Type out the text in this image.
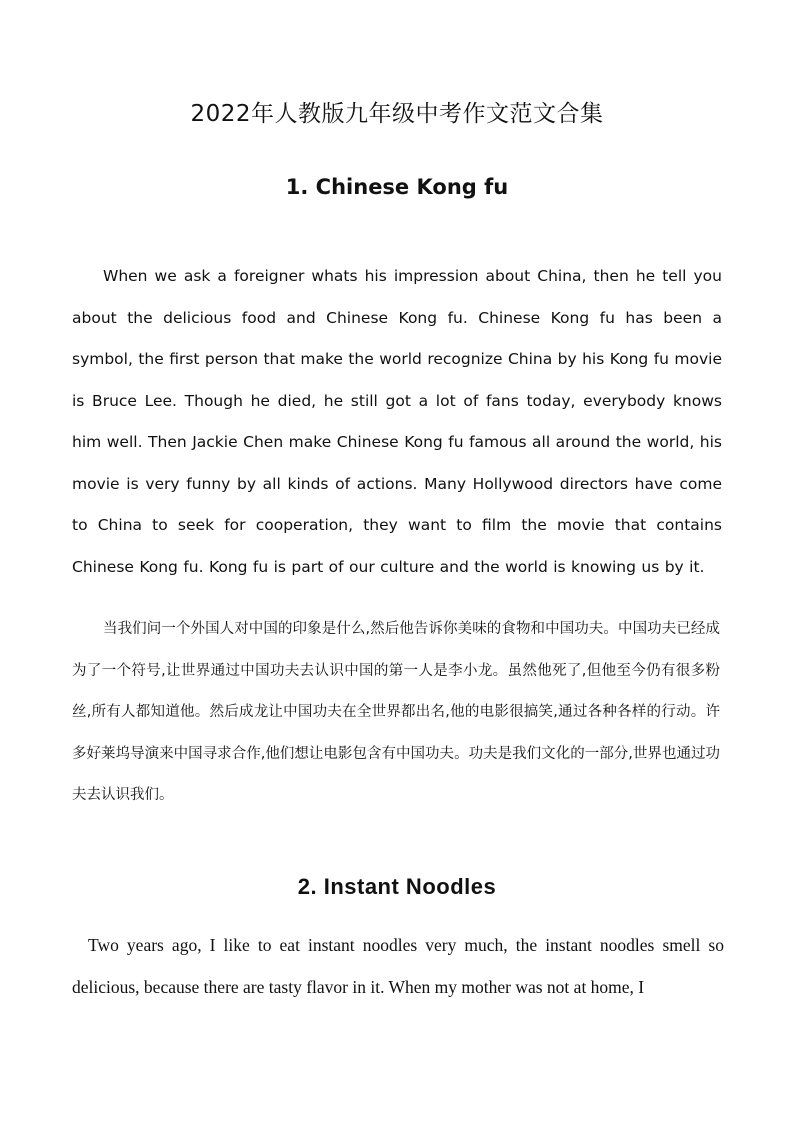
2022年人教版九年级中考作文范文合集
1. Chinese Kong fu

When we ask a foreigner whats his impression about China, then he tell you about the delicious food and Chinese Kong fu. Chinese Kong fu has been a symbol, the first person that make the world recognize China by his Kong fu movie is Bruce Lee. Though he died, he still got a lot of fans today, everybody knows him well. Then Jackie Chen make Chinese Kong fu famous all around the world, his movie is very funny by all kinds of actions. Many Hollywood directors have come to China to seek for cooperation, they want to film the movie that contains Chinese Kong fu. Kong fu is part of our culture and the world is knowing us by it.

当我们问一个外国人对中国的印象是什么,然后他告诉你美味的食物和中国功夫。中国功夫已经成为了一个符号,让世界通过中国功夫去认识中国的第一人是李小龙。虽然他死了,但他至今仍有很多粉丝,所有人都知道他。然后成龙让中国功夫在全世界都出名,他的电影很搞笑,通过各种各样的行动。许多好莱坞导演来中国寻求合作,他们想让电影包含有中国功夫。功夫是我们文化的一部分,世界也通过功夫去认识我们。

2. Instant Noodles

Two years ago, I like to eat instant noodles very much, the instant noodles smell so delicious, because there are tasty flavor in it. When my mother was not at home, I
